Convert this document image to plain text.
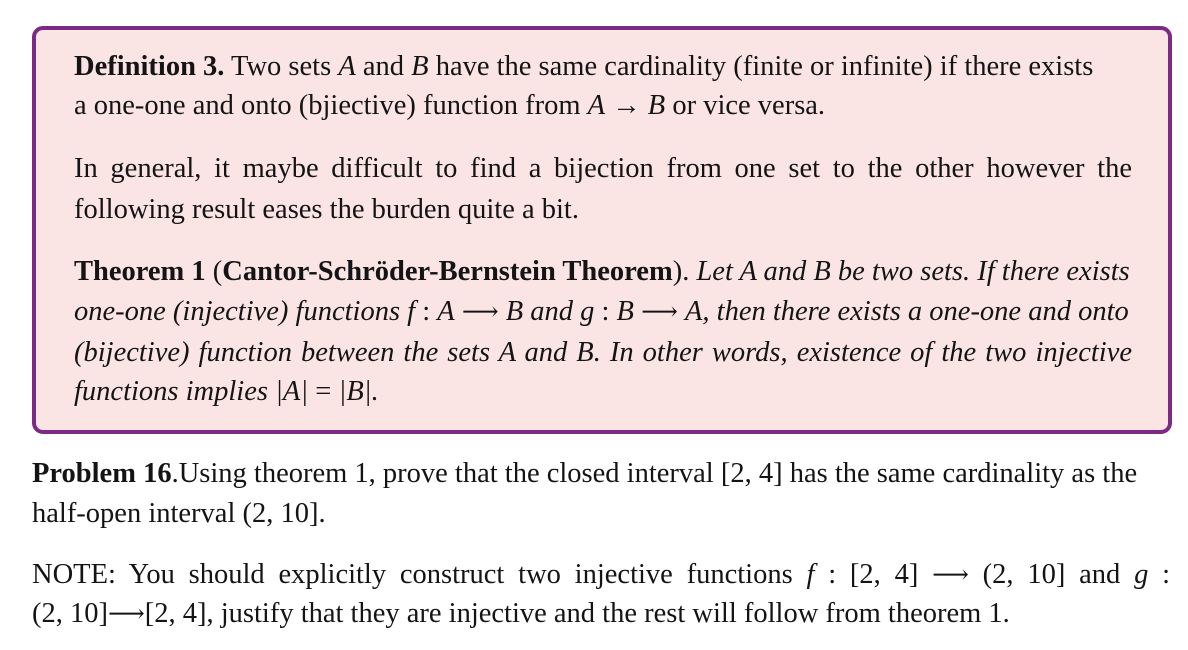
Definition 3. Two sets A and B have the same cardinality (finite or infinite) if there exists
a one-one and onto (bjiective) function from A → B or vice versa.
In general, it maybe difficult to find a bijection from one set to the other however the
following result eases the burden quite a bit.
Theorem 1 (Cantor-Schröder-Bernstein Theorem). Let A and B be two sets. If there exists
one-one (injective) functions f : A ⟶ B and g : B ⟶ A, then there exists a one-one and onto
(bijective) function between the sets A and B. In other words, existence of the two injective
functions implies |A| = |B|.
Problem 16.Using theorem 1, prove that the closed interval [2, 4] has the same cardinality as the
half-open interval (2, 10].
NOTE: You should explicitly construct two injective functions f : [2, 4] ⟶ (2, 10] and g :
(2, 10]⟶[2, 4], justify that they are injective and the rest will follow from theorem 1.
